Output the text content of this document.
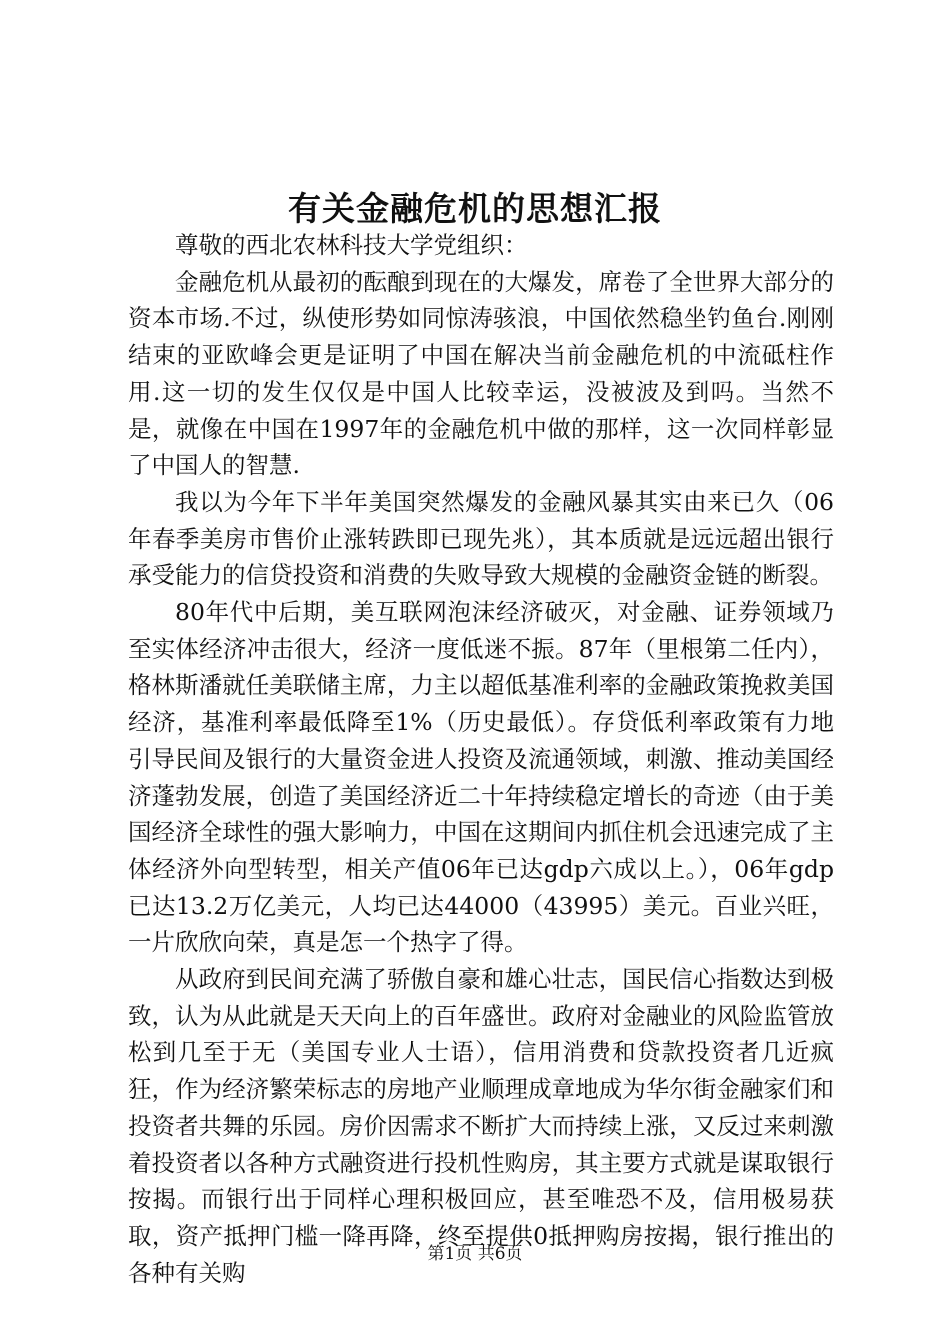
有关金融危机的思想汇报

尊敬的西北农林科技大学党组织：

金融危机从最初的酝酿到现在的大爆发，席卷了全世界大部分的资本市场.不过，纵使形势如同惊涛骇浪，中国依然稳坐钓鱼台.刚刚结束的亚欧峰会更是证明了中国在解决当前金融危机的中流砥柱作用.这一切的发生仅仅是中国人比较幸运，没被波及到吗。当然不是，就像在中国在1997年的金融危机中做的那样，这一次同样彰显了中国人的智慧.

我以为今年下半年美国突然爆发的金融风暴其实由来已久（06年春季美房市售价止涨转跌即已现先兆），其本质就是远远超出银行承受能力的信贷投资和消费的失败导致大规模的金融资金链的断裂。

80年代中后期，美互联网泡沫经济破灭，对金融、证券领域乃至实体经济冲击很大，经济一度低迷不振。87年（里根第二任内），格林斯潘就任美联储主席，力主以超低基准利率的金融政策挽救美国经济，基准利率最低降至1%（历史最低）。存贷低利率政策有力地引导民间及银行的大量资金进人投资及流通领域，刺激、推动美国经济蓬勃发展，创造了美国经济近二十年持续稳定增长的奇迹（由于美国经济全球性的强大影响力，中国在这期间内抓住机会迅速完成了主体经济外向型转型，相关产值06年已达gdp六成以上。），06年gdp已达13.2万亿美元，人均已达44000（43995）美元。百业兴旺，一片欣欣向荣，真是怎一个热字了得。

从政府到民间充满了骄傲自豪和雄心壮志，国民信心指数达到极致，认为从此就是天天向上的百年盛世。政府对金融业的风险监管放松到几至于无（美国专业人士语），信用消费和贷款投资者几近疯狂，作为经济繁荣标志的房地产业顺理成章地成为华尔街金融家们和投资者共舞的乐园。房价因需求不断扩大而持续上涨，又反过来刺激着投资者以各种方式融资进行投机性购房，其主要方式就是谋取银行按揭。而银行出于同样心理积极回应，甚至唯恐不及，信用极易获取，资产抵押门槛一降再降，终至提供0抵押购房按揭，银行推出的各种有关购

第1页 共6页
